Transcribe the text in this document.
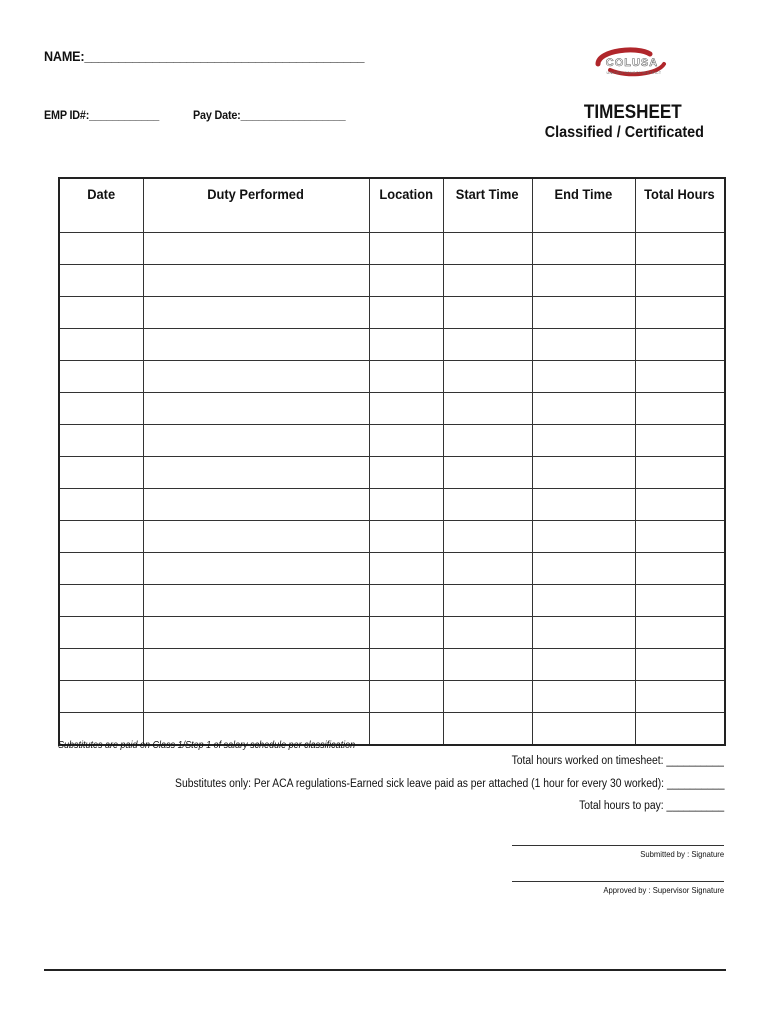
NAME:_________________________________________
EMP ID#:____________	Pay Date:__________________
COLUSA
UNIFIED SCHOOL DISTRICT
TIMESHEET
Classified / Certificated
Date	Duty Performed	Location	Start Time	End Time	Total Hours

Substitutes are paid on Class 1/Step 1 of salary schedule per classification
Total hours worked on timesheet: __________
Substitutes only: Per ACA regulations-Earned sick leave paid as per attached (1 hour for every 30 worked): __________
Total hours to pay: __________
Submitted by : Signature
Approved by : Supervisor Signature
